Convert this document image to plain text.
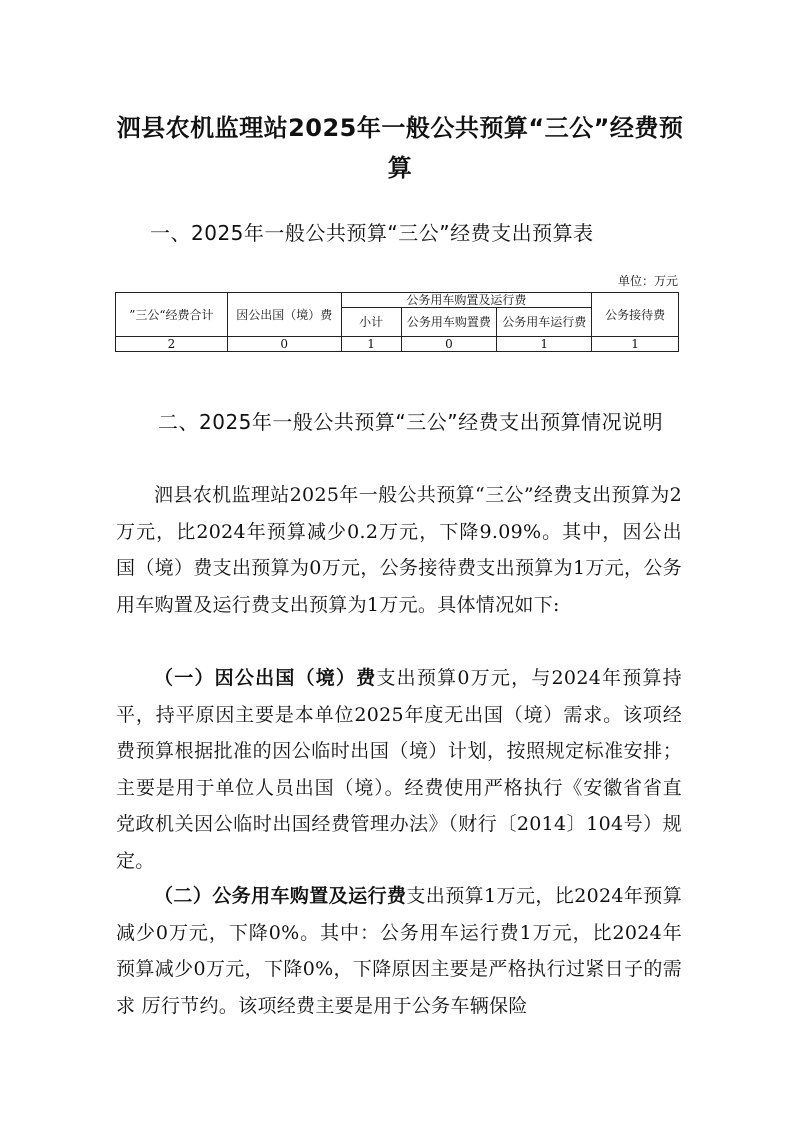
泗县农机监理站2025年一般公共预算“三公”经费预算
一、2025年一般公共预算“三公”经费支出预算表
单位：万元
”三公“经费合计	因公出国（境）费	公务用车购置及运行费			公务接待费
		小计	公务用车购置费	公务用车运行费	
2	0	1	0	1	1
二、2025年一般公共预算“三公”经费支出预算情况说明

泗县农机监理站2025年一般公共预算“三公”经费支出预算为2万元，比2024年预算减少0.2万元，下降9.09%。其中，因公出国（境）费支出预算为0万元，公务接待费支出预算为1万元，公务用车购置及运行费支出预算为1万元。具体情况如下:

（一）因公出国（境）费支出预算0万元，与2024年预算持平，持平原因主要是本单位2025年度无出国（境）需求。该项经费预算根据批准的因公临时出国（境）计划，按照规定标准安排；主要是用于单位人员出国（境）。经费使用严格执行《安徽省省直党政机关因公临时出国经费管理办法》（财行〔2014〕104号）规定。

（二）公务用车购置及运行费支出预算1万元，比2024年预算减少0万元，下降0%。其中：公务用车运行费1万元，比2024年预算减少0万元，下降0%，下降原因主要是严格执行过紧日子的需求 厉行节约。该项经费主要是用于公务车辆保险
